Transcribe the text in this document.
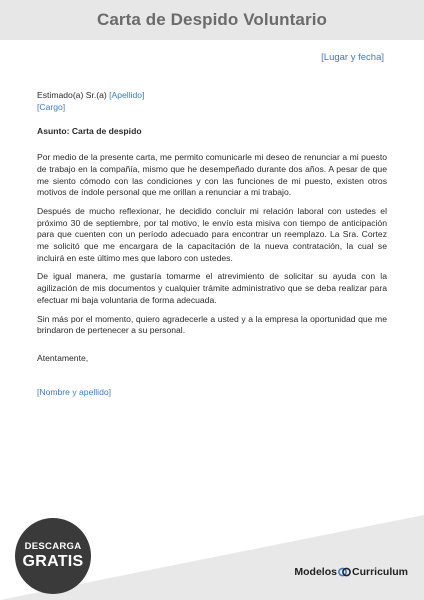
Carta de Despido Voluntario
[Lugar y fecha]

Estimado(a) Sr.(a) [Apellido]

[Cargo]

Asunto: Carta de despido

Por medio de la presente carta, me permito comunicarle mi deseo de renunciar a mi puesto de trabajo en la compañía, mismo que he desempeñado durante dos años. A pesar de que me siento cómodo con las condiciones y con las funciones de mi puesto, existen otros motivos de índole personal que me orillan a renunciar a mi trabajo.

Después de mucho reflexionar, he decidido concluir mi relación laboral con ustedes el próximo 30 de septiembre, por tal motivo, le envío esta misiva con tiempo de anticipación para que cuenten con un período adecuado para encontrar un reemplazo. La Sra. Cortez me solicitó que me encargara de la capacitación de la nueva contratación, la cual se incluirá en este último mes que laboro con ustedes.

De igual manera, me gustaría tomarme el atrevimiento de solicitar su ayuda con la agilización de mis documentos y cualquier trámite administrativo que se deba realizar para efectuar mi baja voluntaria de forma adecuada.

Sin más por el momento, quiero agradecerle a usted y a la empresa la oportunidad que me brindaron de pertenecer a su personal.

Atentamente,

[Nombre y apellido]

DESCARGA
GRATIS
Modelos Curriculum
